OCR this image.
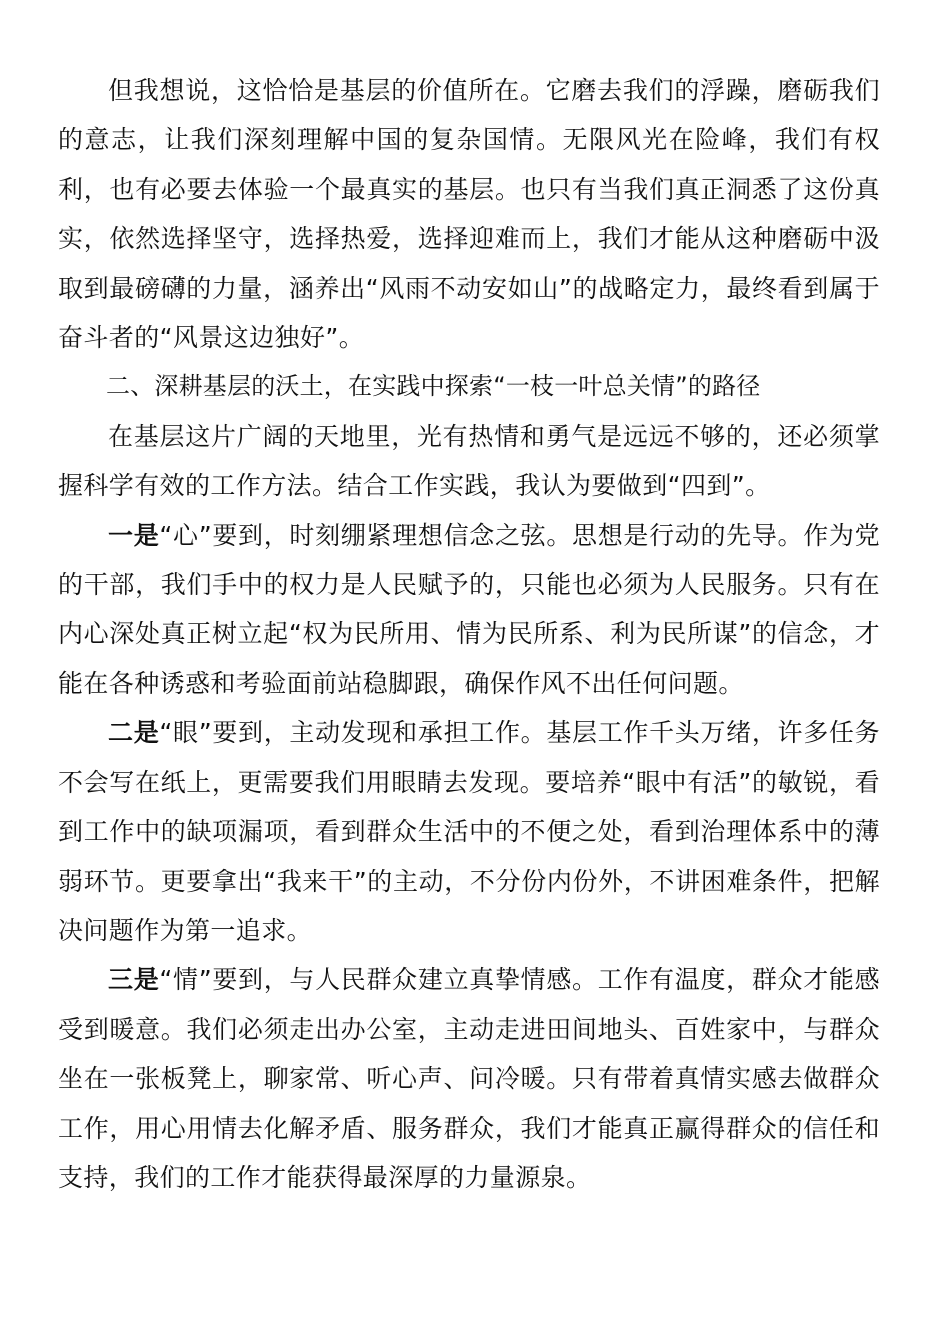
但我想说，这恰恰是基层的价值所在。它磨去我们的浮躁，磨砺我们的意志，让我们深刻理解中国的复杂国情。无限风光在险峰，我们有权利，也有必要去体验一个最真实的基层。也只有当我们真正洞悉了这份真实，依然选择坚守，选择热爱，选择迎难而上，我们才能从这种磨砺中汲取到最磅礴的力量，涵养出“风雨不动安如山”的战略定力，最终看到属于奋斗者的“风景这边独好”。

二、深耕基层的沃土，在实践中探索“一枝一叶总关情”的路径

在基层这片广阔的天地里，光有热情和勇气是远远不够的，还必须掌握科学有效的工作方法。结合工作实践，我认为要做到“四到”。

一是“心”要到，时刻绷紧理想信念之弦。思想是行动的先导。作为党的干部，我们手中的权力是人民赋予的，只能也必须为人民服务。只有在内心深处真正树立起“权为民所用、情为民所系、利为民所谋”的信念，才能在各种诱惑和考验面前站稳脚跟，确保作风不出任何问题。

二是“眼”要到，主动发现和承担工作。基层工作千头万绪，许多任务不会写在纸上，更需要我们用眼睛去发现。要培养“眼中有活”的敏锐，看到工作中的缺项漏项，看到群众生活中的不便之处，看到治理体系中的薄弱环节。更要拿出“我来干”的主动，不分份内份外，不讲困难条件，把解决问题作为第一追求。

三是“情”要到，与人民群众建立真挚情感。工作有温度，群众才能感受到暖意。我们必须走出办公室，主动走进田间地头、百姓家中，与群众坐在一张板凳上，聊家常、听心声、问冷暖。只有带着真情实感去做群众工作，用心用情去化解矛盾、服务群众，我们才能真正赢得群众的信任和支持，我们的工作才能获得最深厚的力量源泉。
